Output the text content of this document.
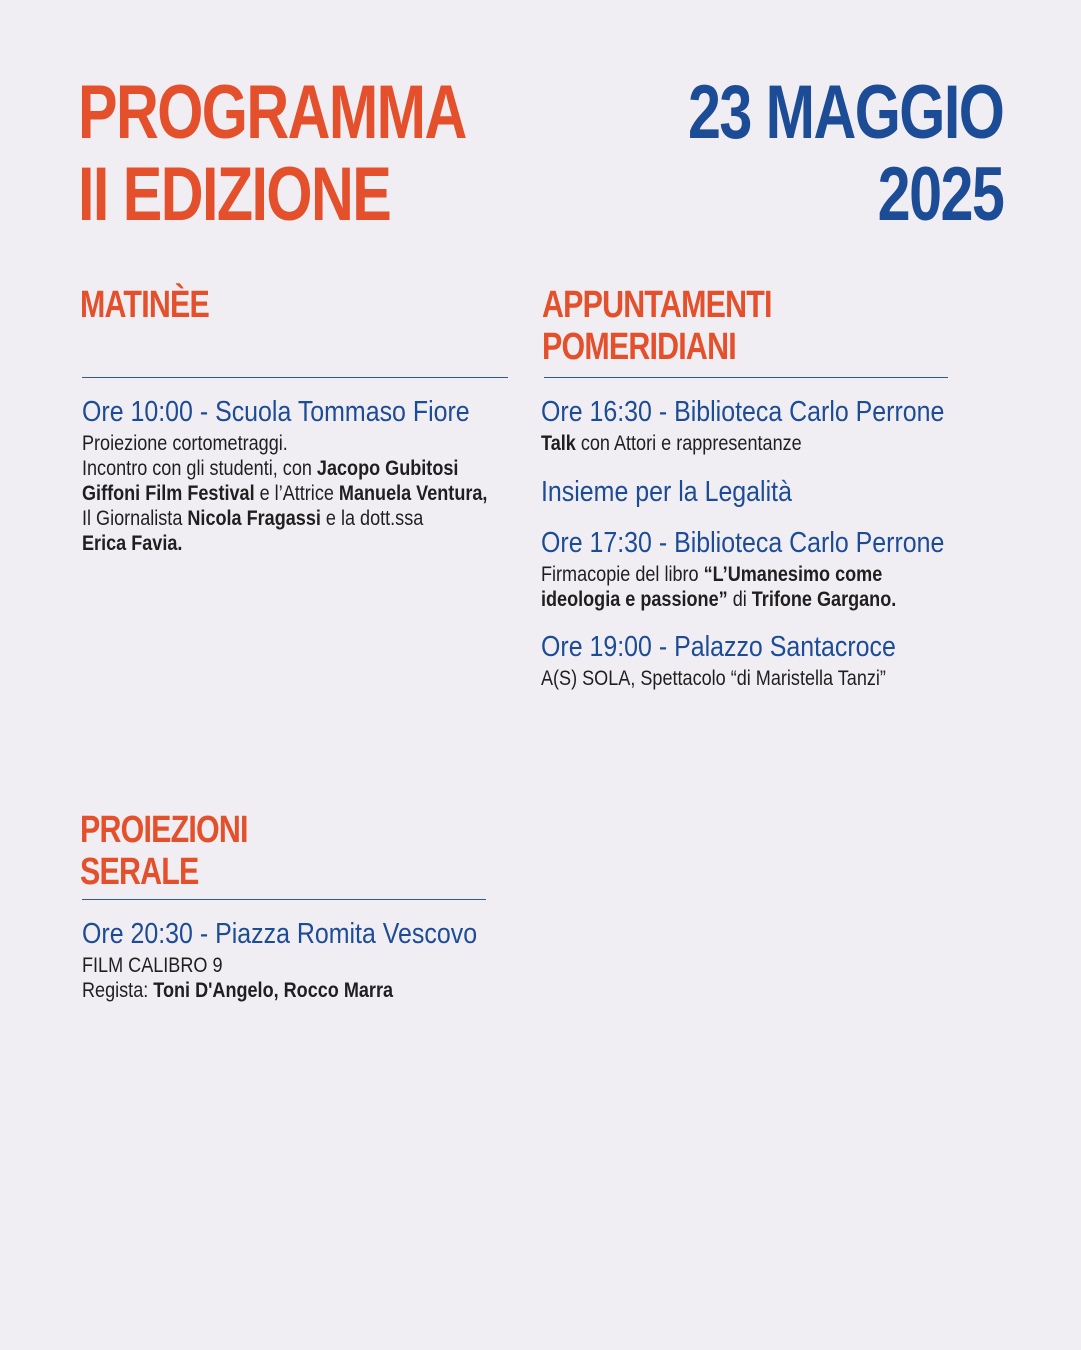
PROGRAMMA
II EDIZIONE
23 MAGGIO
2025
MATINÈE
Ore 10:00 - Scuola Tommaso Fiore
Proiezione cortometraggi.
Incontro con gli studenti, con Jacopo Gubitosi
Giffoni Film Festival e l’Attrice Manuela Ventura,
Il Giornalista Nicola Fragassi e la dott.ssa
Erica Favia.
APPUNTAMENTI
POMERIDIANI
Ore 16:30 - Biblioteca Carlo Perrone
Talk con Attori e rappresentanze
Insieme per la Legalità
Ore 17:30 - Biblioteca Carlo Perrone
Firmacopie del libro “L’Umanesimo come
ideologia e passione” di Trifone Gargano.
Ore 19:00 - Palazzo Santacroce
A(S) SOLA, Spettacolo “di Maristella Tanzi”
PROIEZIONI
SERALE
Ore 20:30 - Piazza Romita Vescovo
FILM CALIBRO 9
Regista: Toni D'Angelo, Rocco Marra
